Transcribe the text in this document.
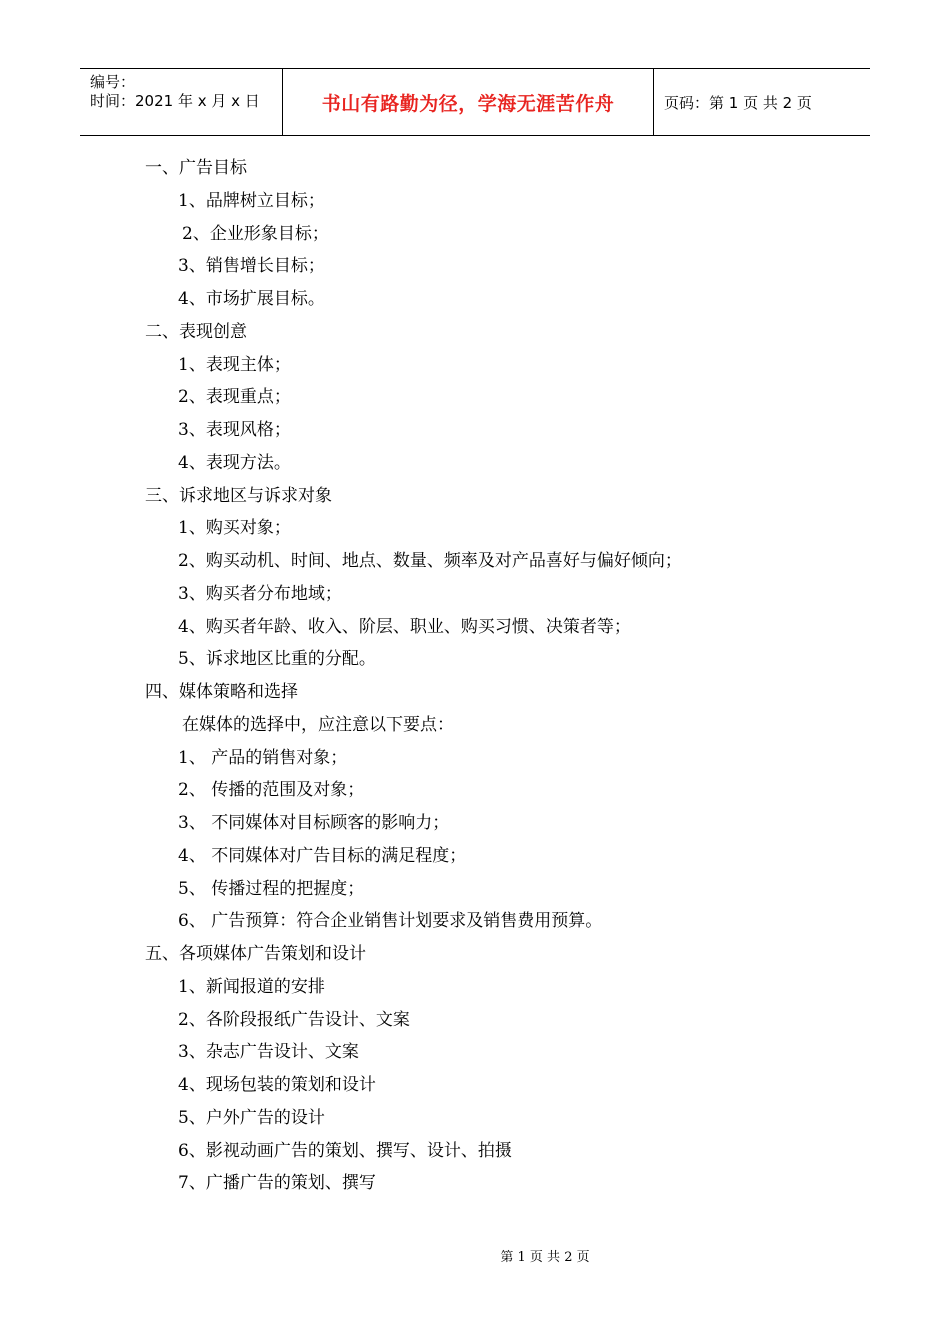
编号：
时间：2021 年 x 月 x 日	书山有路勤为径，学海无涯苦作舟	页码：第 1 页 共 2 页
一、广告目标
1、品牌树立目标；
2、企业形象目标；
3、销售增长目标；
4、市场扩展目标。
二、表现创意
1、表现主体；
2、表现重点；
3、表现风格；
4、表现方法。
三、诉求地区与诉求对象
1、购买对象；
2、购买动机、时间、地点、数量、频率及对产品喜好与偏好倾向；
3、购买者分布地域；
4、购买者年龄、收入、阶层、职业、购买习惯、决策者等；
5、诉求地区比重的分配。
四、媒体策略和选择
在媒体的选择中，应注意以下要点：
1、 产品的销售对象；
2、 传播的范围及对象；
3、 不同媒体对目标顾客的影响力；
4、 不同媒体对广告目标的满足程度；
5、 传播过程的把握度；
6、 广告预算：符合企业销售计划要求及销售费用预算。
五、各项媒体广告策划和设计
1、新闻报道的安排
2、各阶段报纸广告设计、文案
3、杂志广告设计、文案
4、现场包装的策划和设计
5、户外广告的设计
6、影视动画广告的策划、撰写、设计、拍摄
7、广播广告的策划、撰写
第 1 页 共 2 页
